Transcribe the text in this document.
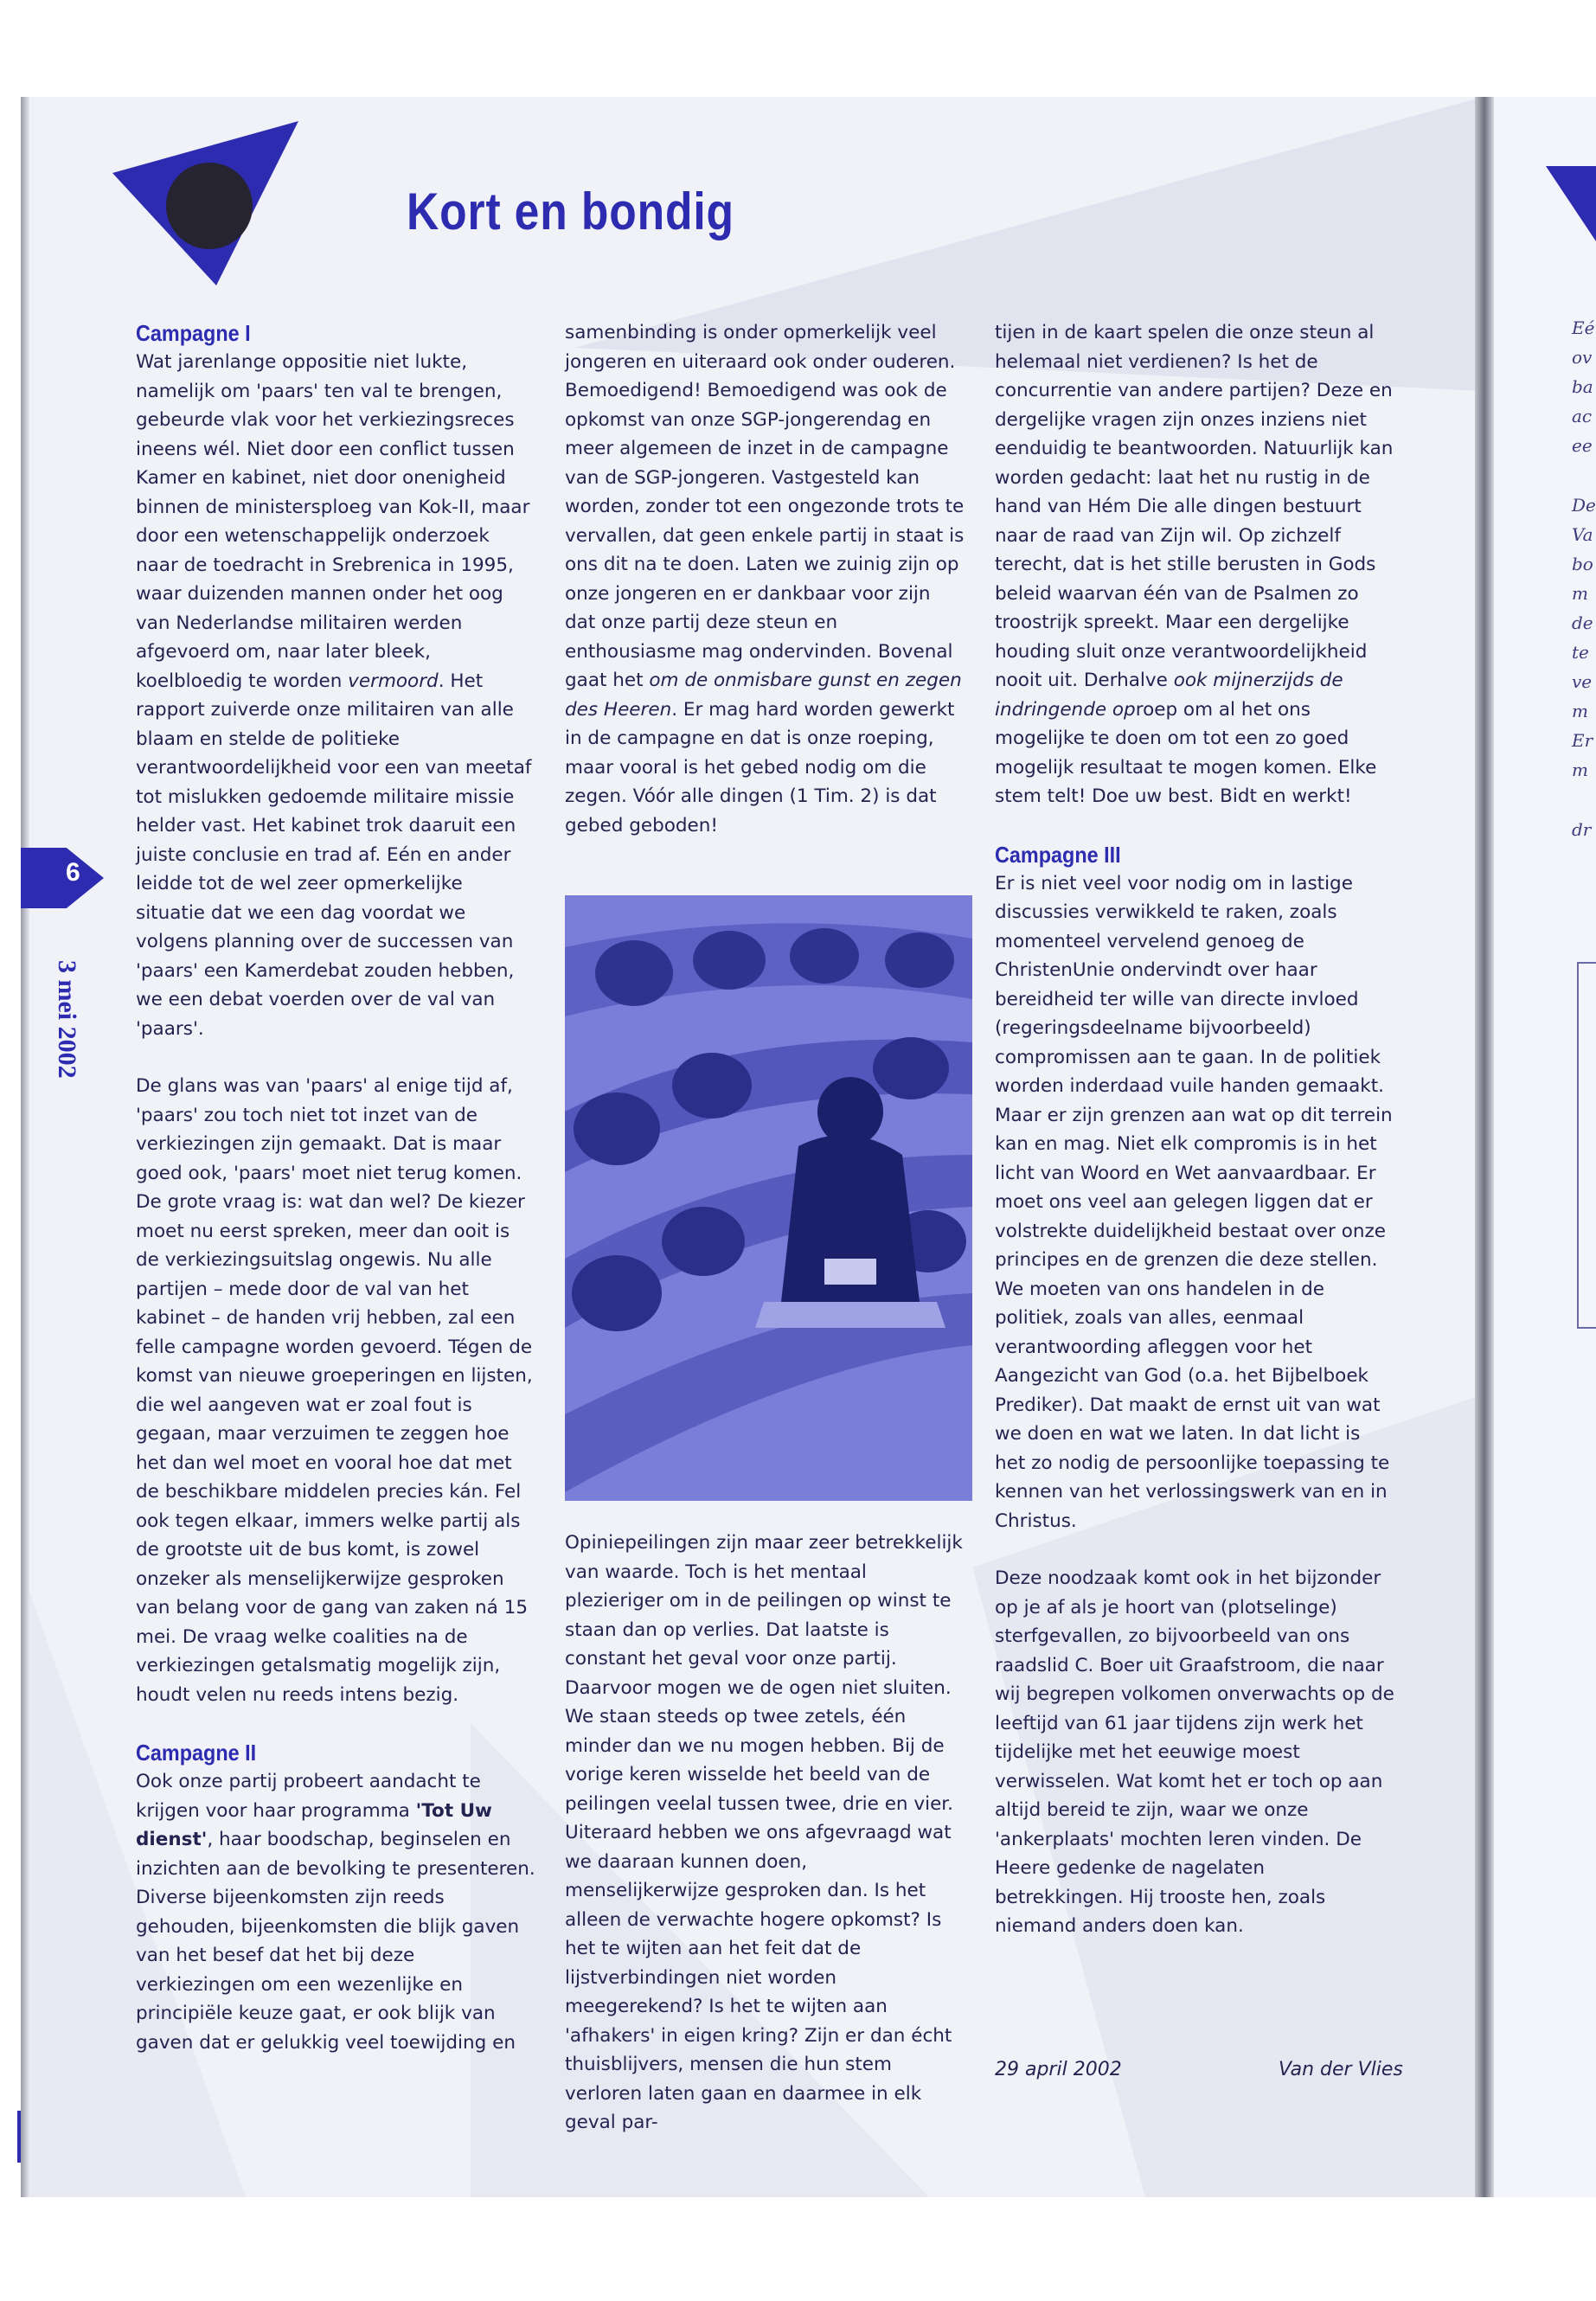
Eé
ov
ba
ac
ee
De
Va
bo
m
de
te
ve
m
Er
m
dr
Kort en bondig
6
3 mei 2002
Campagne I

Wat jarenlange oppositie niet lukte, namelijk om 'paars' ten val te brengen, gebeurde vlak voor het verkiezingsreces ineens wél. Niet door een conflict tussen Kamer en kabinet, niet door onenigheid binnen de ministersploeg van Kok-II, maar door een wetenschappelijk onderzoek naar de toedracht in Srebrenica in 1995, waar duizenden mannen onder het oog van Nederlandse militairen werden afgevoerd om, naar later bleek, koelbloedig te worden vermoord. Het rapport zuiverde onze militairen van alle blaam en stelde de politieke verantwoordelijkheid voor een van meetaf tot mislukken gedoemde militaire missie helder vast. Het kabinet trok daaruit een juiste conclusie en trad af. Eén en ander leidde tot de wel zeer opmerkelijke situatie dat we een dag voordat we volgens planning over de successen van 'paars' een Kamerdebat zouden hebben, we een debat voerden over de val van 'paars'.

De glans was van 'paars' al enige tijd af, 'paars' zou toch niet tot inzet van de verkiezingen zijn gemaakt. Dat is maar goed ook, 'paars' moet niet terug komen. De grote vraag is: wat dan wel? De kiezer moet nu eerst spreken, meer dan ooit is de verkiezingsuitslag ongewis. Nu alle partijen – mede door de val van het kabinet – de handen vrij hebben, zal een felle campagne worden gevoerd. Tégen de komst van nieuwe groeperingen en lijsten, die wel aangeven wat er zoal fout is gegaan, maar verzuimen te zeggen hoe het dan wel moet en vooral hoe dat met de beschikbare middelen precies kán. Fel ook tegen elkaar, immers welke partij als de grootste uit de bus komt, is zowel onzeker als menselijkerwijze gesproken van belang voor de gang van zaken ná 15 mei. De vraag welke coalities na de verkiezingen getalsmatig mogelijk zijn, houdt velen nu reeds intens bezig.

Campagne II

Ook onze partij probeert aandacht te krijgen voor haar programma 'Tot Uw dienst', haar boodschap, beginselen en inzichten aan de bevolking te presenteren. Diverse bijeenkomsten zijn reeds gehouden, bijeenkomsten die blijk gaven van het besef dat het bij deze verkiezingen om een wezenlijke en principiële keuze gaat, er ook blijk van gaven dat er gelukkig veel toewijding en

samenbinding is onder opmerkelijk veel jongeren en uiteraard ook onder ouderen. Bemoedigend! Bemoedigend was ook de opkomst van onze SGP-jongerendag en meer algemeen de inzet in de campagne van de SGP-jongeren. Vastgesteld kan worden, zonder tot een ongezonde trots te vervallen, dat geen enkele partij in staat is ons dit na te doen. Laten we zuinig zijn op onze jongeren en er dankbaar voor zijn dat onze partij deze steun en enthousiasme mag ondervinden. Bovenal gaat het om de onmisbare gunst en zegen des Heeren. Er mag hard worden gewerkt in de campagne en dat is onze roeping, maar vooral is het gebed nodig om die zegen. Vóór alle dingen (1 Tim. 2) is dat gebed geboden!

Opiniepeilingen zijn maar zeer betrekkelijk van waarde. Toch is het mentaal plezieriger om in de peilingen op winst te staan dan op verlies. Dat laatste is constant het geval voor onze partij. Daarvoor mogen we de ogen niet sluiten. We staan steeds op twee zetels, één minder dan we nu mogen hebben. Bij de vorige keren wisselde het beeld van de peilingen veelal tussen twee, drie en vier. Uiteraard hebben we ons afgevraagd wat we daaraan kunnen doen, menselijkerwijze gesproken dan. Is het alleen de verwachte hogere opkomst? Is het te wijten aan het feit dat de lijstverbindingen niet worden meegerekend? Is het te wijten aan 'afhakers' in eigen kring? Zijn er dan écht thuisblijvers, mensen die hun stem verloren laten gaan en daarmee in elk geval par-

tijen in de kaart spelen die onze steun al helemaal niet verdienen? Is het de concurrentie van andere partijen? Deze en dergelijke vragen zijn onzes inziens niet eenduidig te beantwoorden. Natuurlijk kan worden gedacht: laat het nu rustig in de hand van Hém Die alle dingen bestuurt naar de raad van Zijn wil. Op zichzelf terecht, dat is het stille berusten in Gods beleid waarvan één van de Psalmen zo troostrijk spreekt. Maar een dergelijke houding sluit onze verantwoordelijkheid nooit uit. Derhalve ook mijnerzijds de indringende oproep om al het ons mogelijke te doen om tot een zo goed mogelijk resultaat te mogen komen. Elke stem telt! Doe uw best. Bidt en werkt!

Campagne III

Er is niet veel voor nodig om in lastige discussies verwikkeld te raken, zoals momenteel vervelend genoeg de ChristenUnie ondervindt over haar bereidheid ter wille van directe invloed (regeringsdeelname bijvoorbeeld) compromissen aan te gaan. In de politiek worden inderdaad vuile handen gemaakt. Maar er zijn grenzen aan wat op dit terrein kan en mag. Niet elk compromis is in het licht van Woord en Wet aanvaardbaar. Er moet ons veel aan gelegen liggen dat er volstrekte duidelijkheid bestaat over onze principes en de grenzen die deze stellen. We moeten van ons handelen in de politiek, zoals van alles, eenmaal verantwoording afleggen voor het Aangezicht van God (o.a. het Bijbelboek Prediker). Dat maakt de ernst uit van wat we doen en wat we laten. In dat licht is het zo nodig de persoonlijke toepassing te kennen van het verlossingswerk van en in Christus.

Deze noodzaak komt ook in het bijzonder op je af als je hoort van (plotselinge) sterfgevallen, zo bijvoorbeeld van ons raadslid C. Boer uit Graafstroom, die naar wij begrepen volkomen onverwachts op de leeftijd van 61 jaar tijdens zijn werk het tijdelijke met het eeuwige moest verwisselen. Wat komt het er toch op aan altijd bereid te zijn, waar we onze 'ankerplaats' mochten leren vinden. De Heere gedenke de nagelaten betrekkingen. Hij trooste hen, zoals niemand anders doen kan.

29 april 2002	Van der Vlies
